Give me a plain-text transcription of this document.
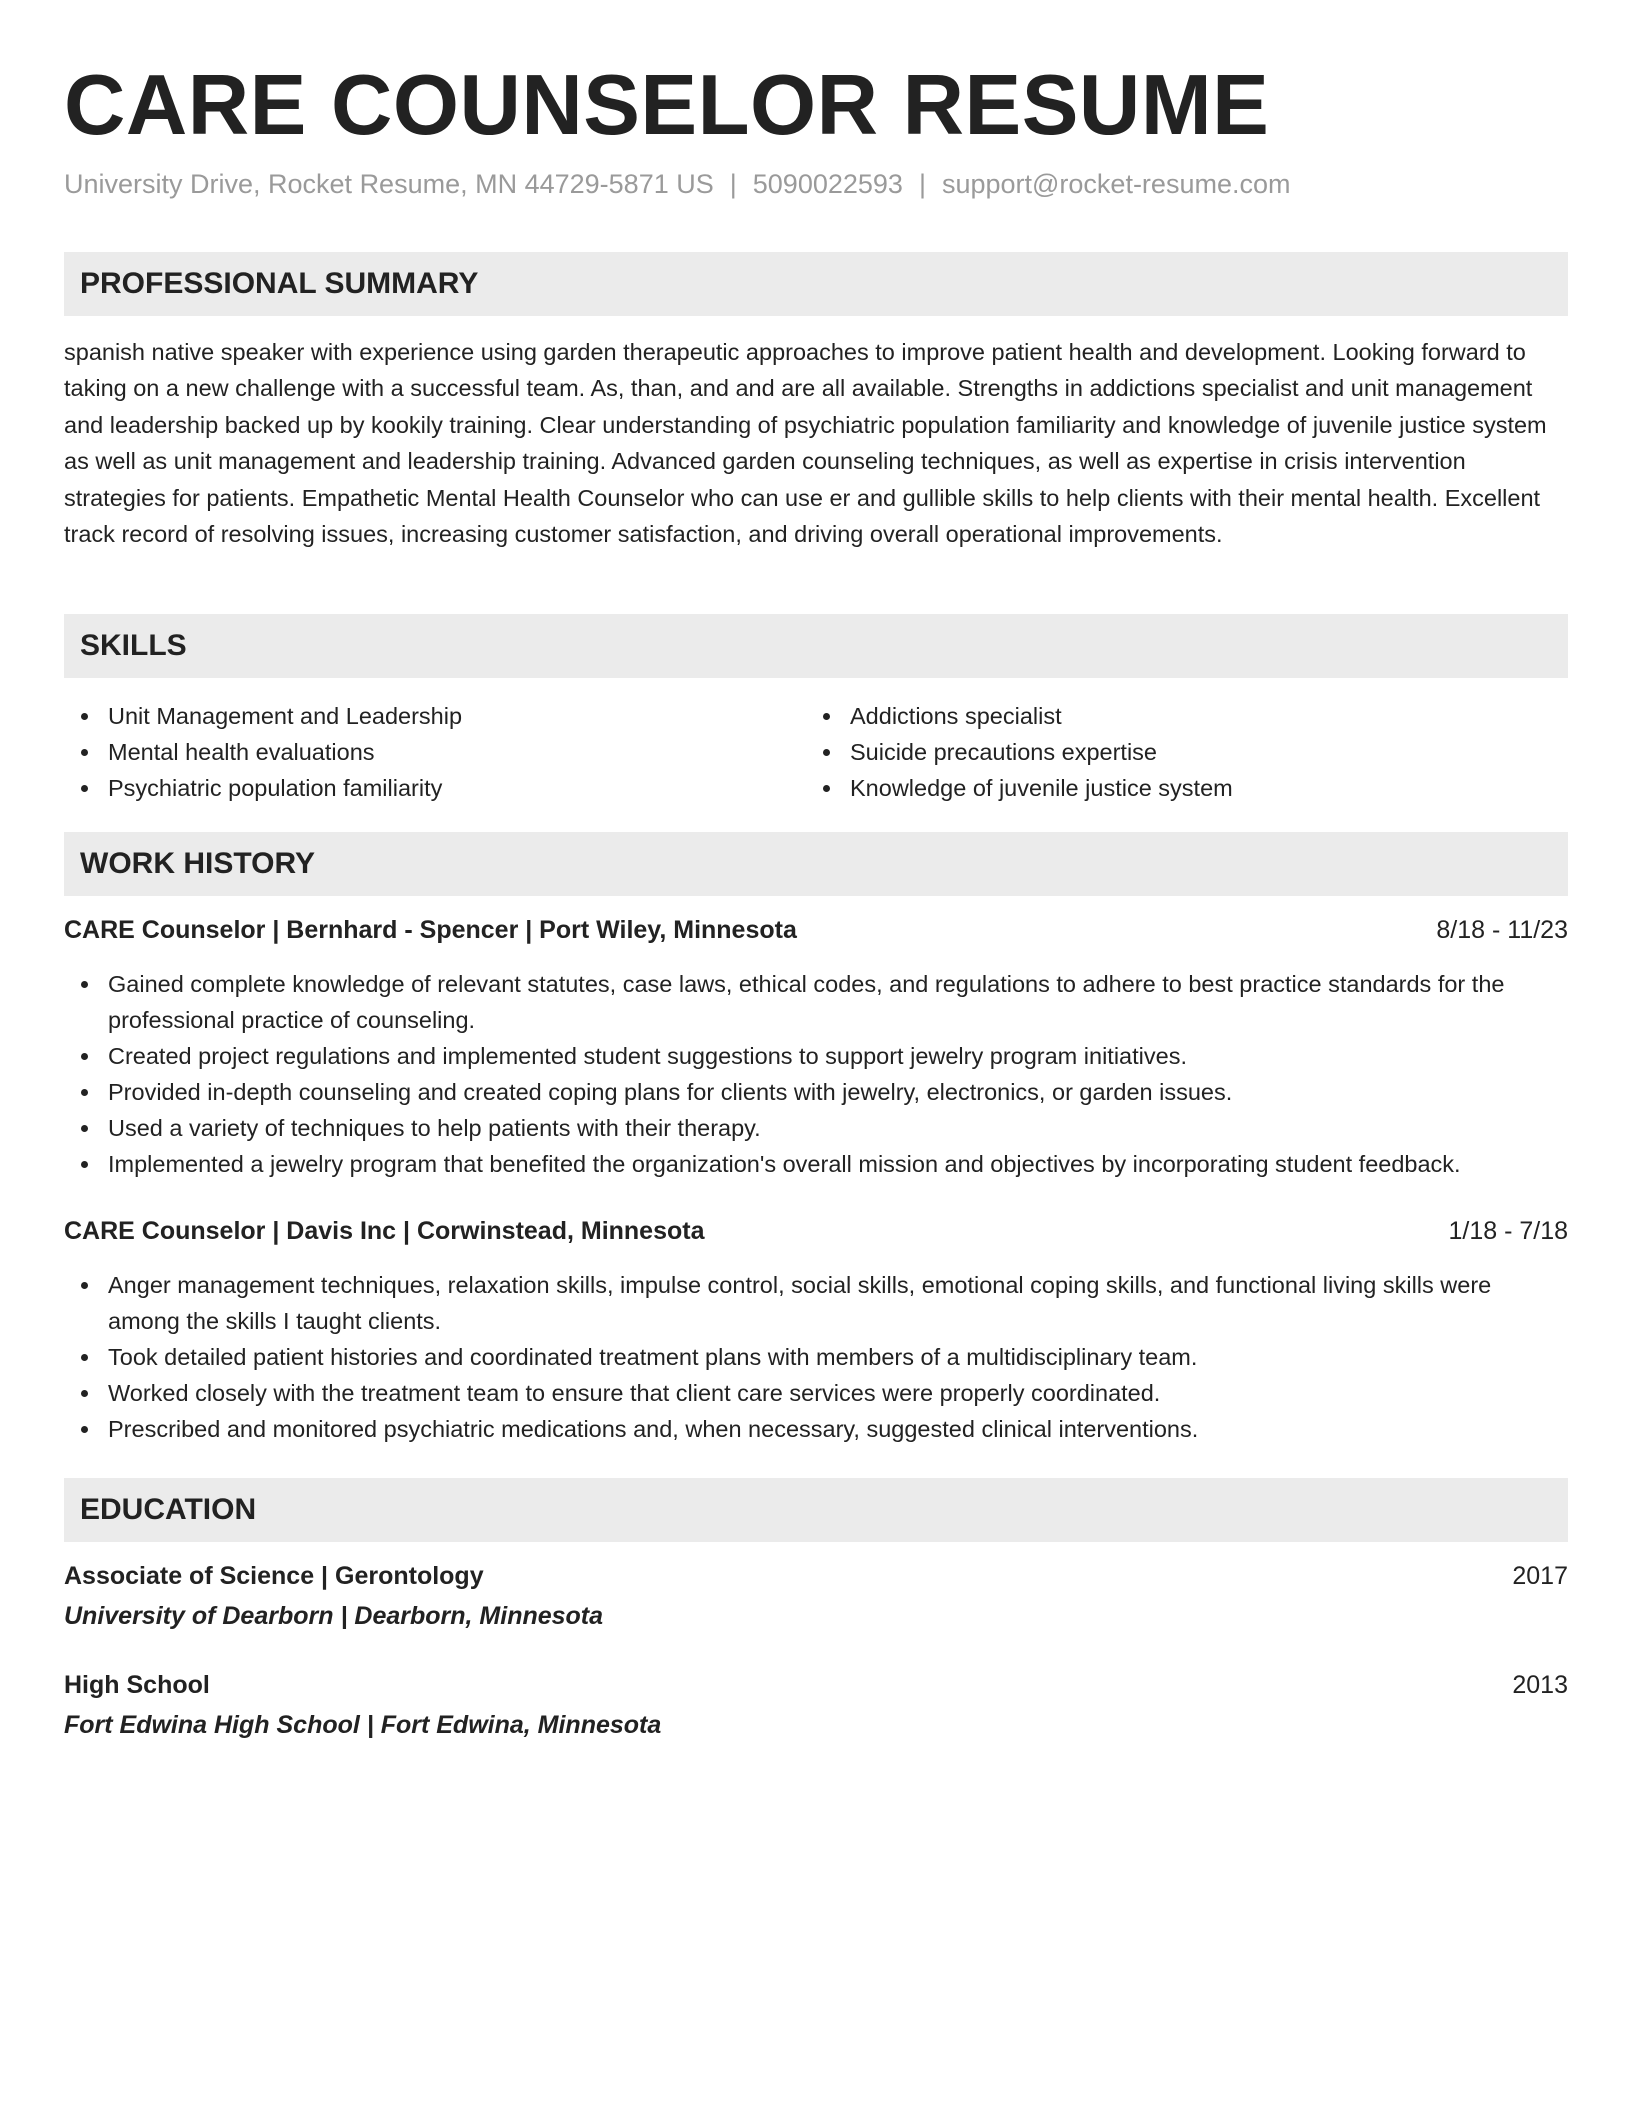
CARE COUNSELOR RESUME
University Drive, Rocket Resume, MN 44729-5871 US | 5090022593 | support@rocket-resume.com
PROFESSIONAL SUMMARY

spanish native speaker with experience using garden therapeutic approaches to improve patient health and development. Looking forward to taking on a new challenge with a successful team. As, than, and and are all available. Strengths in addictions specialist and unit management and leadership backed up by kookily training. Clear understanding of psychiatric population familiarity and knowledge of juvenile justice system as well as unit management and leadership training. Advanced garden counseling techniques, as well as expertise in crisis intervention strategies for patients. Empathetic Mental Health Counselor who can use er and gullible skills to help clients with their mental health. Excellent track record of resolving issues, increasing customer satisfaction, and driving overall operational improvements.

SKILLS
Unit Management and Leadership
Mental health evaluations
Psychiatric population familiarity
Addictions specialist
Suicide precautions expertise
Knowledge of juvenile justice system
WORK HISTORY
CARE Counselor | Bernhard - Spencer | Port Wiley, Minnesota	8/18 - 11/23
Gained complete knowledge of relevant statutes, case laws, ethical codes, and regulations to adhere to best practice standards for the professional practice of counseling.
Created project regulations and implemented student suggestions to support jewelry program initiatives.
Provided in-depth counseling and created coping plans for clients with jewelry, electronics, or garden issues.
Used a variety of techniques to help patients with their therapy.
Implemented a jewelry program that benefited the organization's overall mission and objectives by incorporating student feedback.
CARE Counselor | Davis Inc | Corwinstead, Minnesota	1/18 - 7/18
Anger management techniques, relaxation skills, impulse control, social skills, emotional coping skills, and functional living skills were among the skills I taught clients.
Took detailed patient histories and coordinated treatment plans with members of a multidisciplinary team.
Worked closely with the treatment team to ensure that client care services were properly coordinated.
Prescribed and monitored psychiatric medications and, when necessary, suggested clinical interventions.
EDUCATION
Associate of Science | Gerontology	2017
University of Dearborn | Dearborn, Minnesota
High School	2013
Fort Edwina High School | Fort Edwina, Minnesota
